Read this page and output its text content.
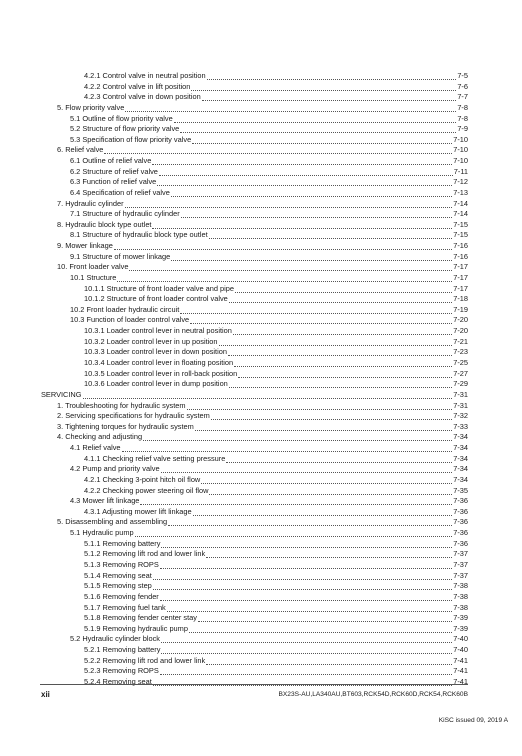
4.2.1 Control valve in neutral position	7-5
4.2.2 Control valve in lift position	7-6
4.2.3 Control valve in down position	7-7
5. Flow priority valve	7-8
5.1 Outline of flow priority valve	7-8
5.2 Structure of flow priority valve	7-9
5.3 Specification of flow priority valve	7-10
6. Relief valve	7-10
6.1 Outline of relief valve	7-10
6.2 Structure of relief valve	7-11
6.3 Function of relief valve	7-12
6.4 Specification of relief valve	7-13
7. Hydraulic cylinder	7-14
7.1 Structure of hydraulic cylinder	7-14
8. Hydraulic block type outlet	7-15
8.1 Structure of hydraulic block type outlet	7-15
9. Mower linkage	7-16
9.1 Structure of mower linkage	7-16
10. Front loader valve	7-17
10.1 Structure	7-17
10.1.1 Structure of front loader valve and pipe	7-17
10.1.2 Structure of front loader control valve	7-18
10.2 Front loader hydraulic circuit	7-19
10.3 Function of loader control valve	7-20
10.3.1 Loader control lever in neutral position	7-20
10.3.2 Loader control lever in up position	7-21
10.3.3 Loader control lever in down position	7-23
10.3.4 Loader control lever in floating position	7-25
10.3.5 Loader control lever in roll-back position	7-27
10.3.6 Loader control lever in dump position	7-29
SERVICING	7-31
1. Troubleshooting for hydraulic system	7-31
2. Servicing specifications for hydraulic system	7-32
3. Tightening torques for hydraulic system	7-33
4. Checking and adjusting	7-34
4.1 Relief valve	7-34
4.1.1 Checking relief valve setting pressure	7-34
4.2 Pump and priority valve	7-34
4.2.1 Checking 3-point hitch oil flow	7-34
4.2.2 Checking power steering oil flow	7-35
4.3 Mower lift linkage	7-36
4.3.1 Adjusting mower lift linkage	7-36
5. Disassembling and assembling	7-36
5.1 Hydraulic pump	7-36
5.1.1 Removing battery	7-36
5.1.2 Removing lift rod and lower link	7-37
5.1.3 Removing ROPS	7-37
5.1.4 Removing seat	7-37
5.1.5 Removing step	7-38
5.1.6 Removing fender	7-38
5.1.7 Removing fuel tank	7-38
5.1.8 Removing fender center stay	7-39
5.1.9 Removing hydraulic pump	7-39
5.2 Hydraulic cylinder block	7-40
5.2.1 Removing battery	7-40
5.2.2 Removing lift rod and lower link	7-41
5.2.3 Removing ROPS	7-41
5.2.4 Removing seat	7-41
xii	BX23S-AU,LA340AU,BT603,RCK54D,RCK60D,RCK54,RCK60B
KiSC issued 09, 2019 A
